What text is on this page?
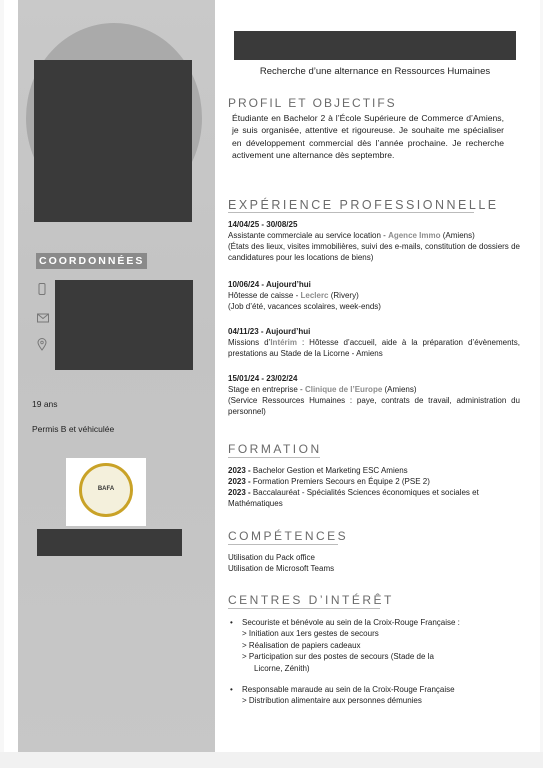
COORDONNÉES
19 ans
Permis B et véhiculée
BAFA
Recherche d’une alternance en Ressources Humaines
PROFIL ET OBJECTIFS
Étudiante en Bachelor 2 à l’École Supérieure de Commerce d’Amiens, je suis organisée, attentive et rigoureuse. Je souhaite me spécialiser en développement commercial dès l’année prochaine. Je recherche activement une alternance dès septembre.
EXPÉRIENCE PROFESSIONNELLE
14/04/25 - 30/08/25
Assistante commerciale au service location - Agence Immo (Amiens)
(États des lieux, visites immobilières, suivi des e-mails, constitution de dossiers de candidatures pour les locations de biens)
10/06/24 - Aujourd’hui
Hôtesse de caisse - Leclerc (Rivery)
(Job d’été, vacances scolaires, week-ends)
04/11/23 - Aujourd’hui
Missions d’Intérim : Hôtesse d’accueil, aide à la préparation d’évènements, prestations au Stade de la Licorne - Amiens
15/01/24 - 23/02/24
Stage en entreprise - Clinique de l’Europe (Amiens)
(Service Ressources Humaines : paye, contrats de travail, administration du personnel)
FORMATION
2023 - Bachelor Gestion et Marketing ESC Amiens
2023 - Formation Premiers Secours en Équipe 2 (PSE 2)
2023 - Baccalauréat - Spécialités Sciences économiques et sociales et Mathématiques
COMPÉTENCES
Utilisation du Pack office
Utilisation de Microsoft Teams
CENTRES D’INTÉRÊT
• Secouriste et bénévole au sein de la Croix-Rouge Française :
> Initiation aux 1ers gestes de secours
> Réalisation de papiers cadeaux
> Participation sur des postes de secours (Stade de la
Licorne, Zénith)
• Responsable maraude au sein de la Croix-Rouge Française
> Distribution alimentaire aux personnes démunies
